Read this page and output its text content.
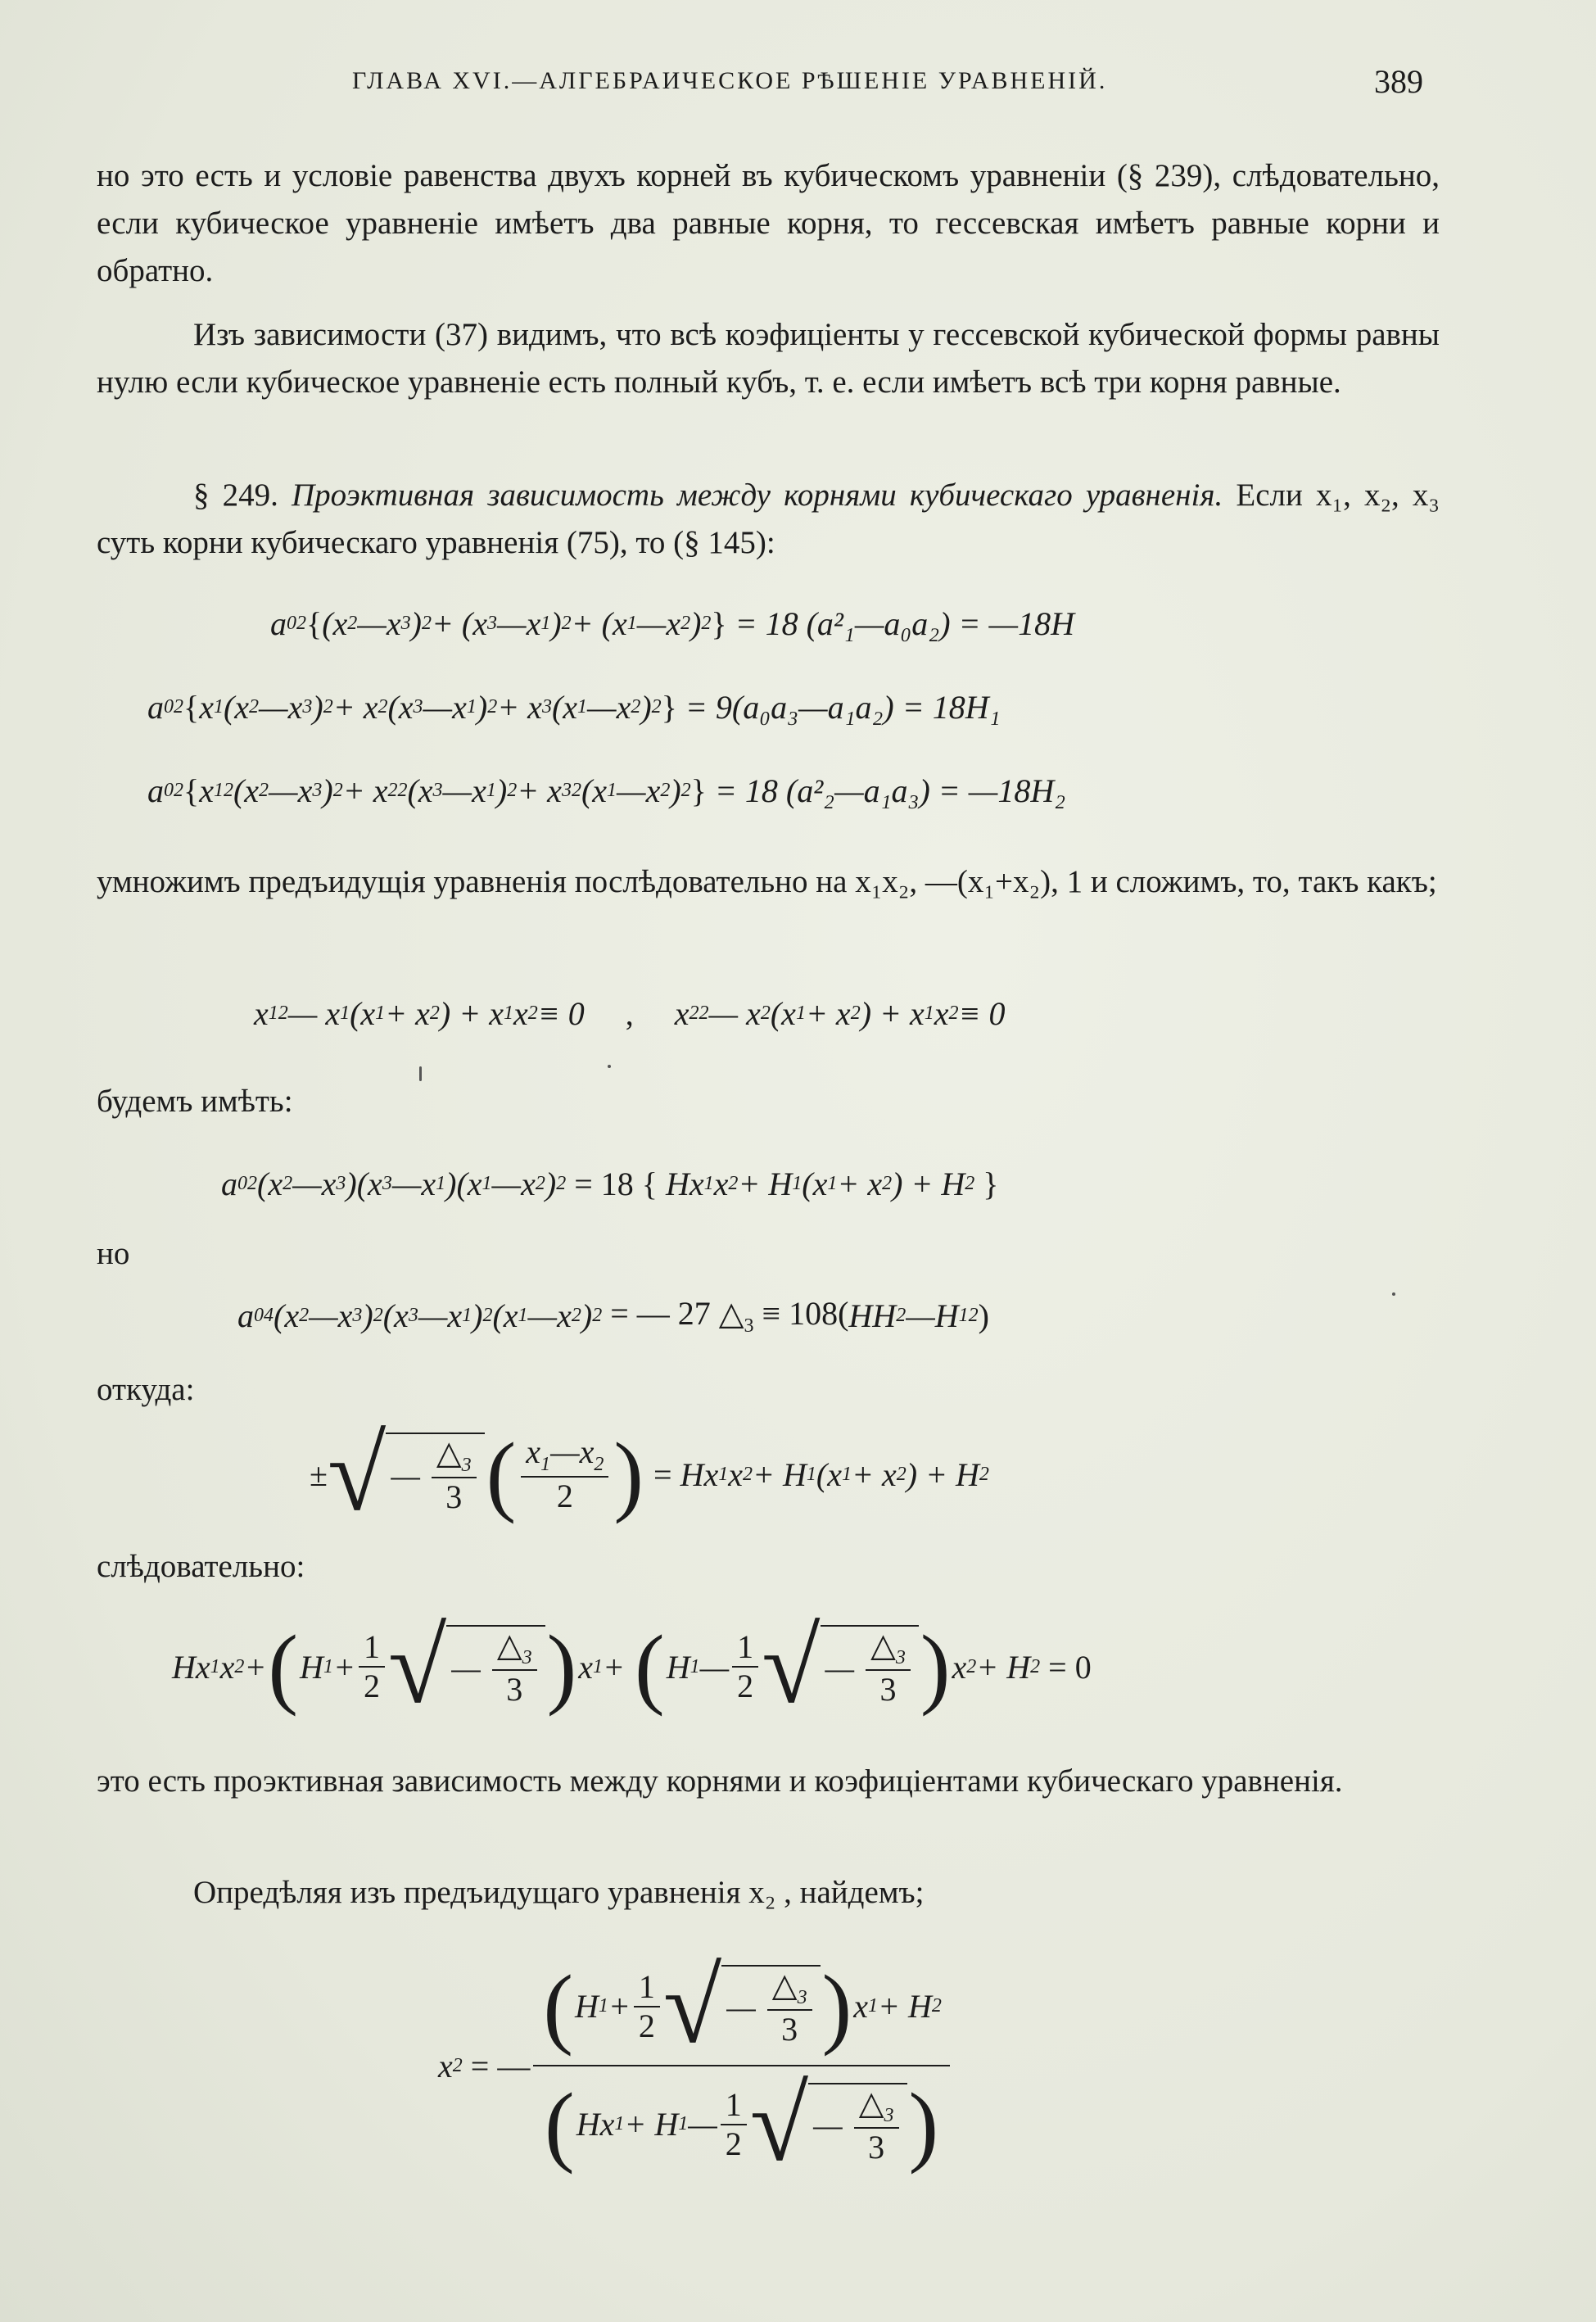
ГЛАВА XVI.—АЛГЕБРАИЧЕСКОЕ РѢШЕНІЕ УРАВНЕНІЙ.	389
но это есть и условіе равенства двухъ корней въ кубическомъ уравненіи (§ 239), слѣдовательно, если кубическое уравненіе имѣетъ два равные корня, то гессевская имѣетъ равные корни и обратно.
Изъ зависимости (37) видимъ, что всѣ коэфиціенты у гессевской кубической формы равны нулю если кубическое уравненіе есть полный кубъ, т. е. если имѣетъ всѣ три корня равные.
§ 249. Проэктивная зависимость между корнями кубическаго уравненія. Если x₁, x₂, x₃ суть корни кубическаго уравненія (75), то (§ 145):
a 0 2 { (x 2 —x 3 ) 2 + (x 3 —x 1 ) 2 + (x 1 —x 2 ) 2 }
= 18 (a²₁—a₀a₂) = —18H
a 0 2 { x 1 (x 2 —x 3 ) 2 + x 2 (x 3 —x 1 ) 2 + x 3 (x 1 —x 2 ) 2 }
= 9(a₀a₃—a₁a₂) = 18H₁
a 0 2 { x 1 2 (x 2 —x 3 ) 2 + x 2 2 (x 3 —x 1 ) 2 + x 3 2 (x 1 —x 2 ) 2 }
= 18 (a²₂—a₁a₃) = —18H₂
умножимъ предъидущія уравненія послѣдовательно на x₁x₂, —(x₁+x₂), 1 и сложимъ, то, такъ какъ;
x 1 2 — x 1 (x 1 + x 2 ) + x 1 x 2 ≡ 0 , x 2 2 — x 2 (x 1 + x 2 ) + x 1 x 2 ≡ 0
будемъ имѣть:
a 0 2 (x 2 —x 3 )(x 3 —x 1 )(x 1 —x 2 ) 2 = 18 { Hx 1 x 2 + H 1 (x 1 + x 2 ) + H 2
}
но
a 0 4 (x 2 —x 3 ) 2 (x 3 —x 1 ) 2 (x 1 —x 2 ) 2 = — 27 $\triangle_3 \equiv 108$( HH 2 —H 1 2 )
откуда:
± √ — $\frac{\triangle_3}{3}$ ( $\frac{x_1—x_2}{2}$ )
= Hx 1 x 2 + H 1 (x 1 + x 2 ) + H 2
слѣдовательно:
Hx 1 x 2 + ( H $1 + \frac{1}{2}$ √ — $\frac{\triangle_3}{3}$ ) x 1 + ( H 1 — $\frac{1}{2}$ √ — $\frac{\triangle_3}{3}$ ) x 2 + H 2 = 0
это есть проэктивная зависимость между корнями и коэфиціентами кубическаго уравненія.
Опредѣляя изъ предъидущаго уравненія x₂ , найдемъ;
x 2 = — $\frac{( H 1 + \frac{1}{2} √ — \frac{\triangle_3}{3} ) x 1 + H 2}{( Hx 1 + H 1 — \frac{1}{2} √ — \frac{\triangle_3}{3} )}$
